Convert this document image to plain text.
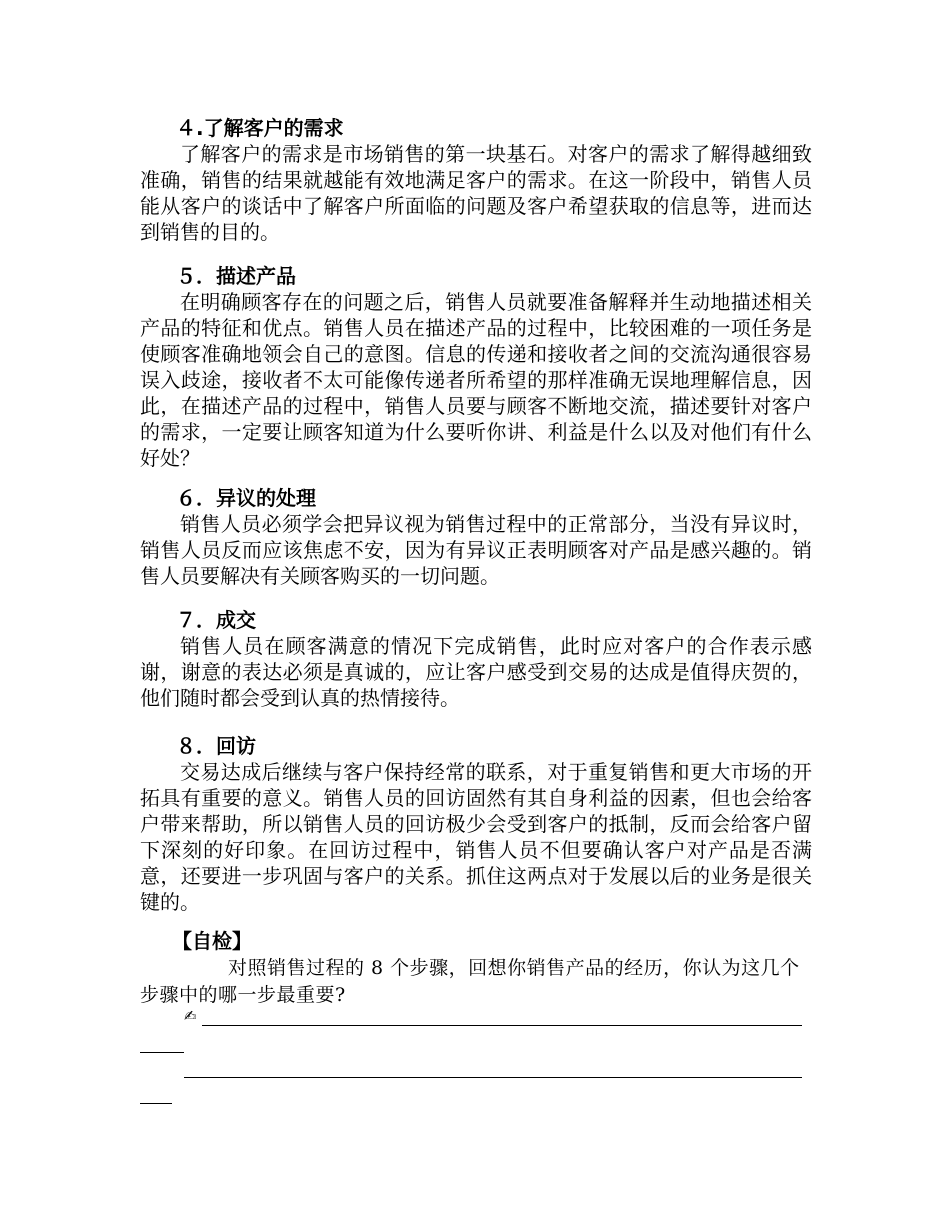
４.了解客户的需求

了解客户的需求是市场销售的第一块基石。对客户的需求了解得越细致准确，销售的结果就越能有效地满足客户的需求。在这一阶段中，销售人员能从客户的谈话中了解客户所面临的问题及客户希望获取的信息等，进而达到销售的目的。

５．描述产品

在明确顾客存在的问题之后，销售人员就要准备解释并生动地描述相关产品的特征和优点。销售人员在描述产品的过程中，比较困难的一项任务是使顾客准确地领会自己的意图。信息的传递和接收者之间的交流沟通很容易误入歧途，接收者不太可能像传递者所希望的那样准确无误地理解信息，因此，在描述产品的过程中，销售人员要与顾客不断地交流，描述要针对客户的需求，一定要让顾客知道为什么要听你讲、利益是什么以及对他们有什么好处？

６．异议的处理

销售人员必须学会把异议视为销售过程中的正常部分，当没有异议时，销售人员反而应该焦虑不安，因为有异议正表明顾客对产品是感兴趣的。销售人员要解决有关顾客购买的一切问题。

７．成交

销售人员在顾客满意的情况下完成销售，此时应对客户的合作表示感谢，谢意的表达必须是真诚的，应让客户感受到交易的达成是值得庆贺的，他们随时都会受到认真的热情接待。

８．回访

交易达成后继续与客户保持经常的联系，对于重复销售和更大市场的开拓具有重要的意义。销售人员的回访固然有其自身利益的因素，但也会给客户带来帮助，所以销售人员的回访极少会受到客户的抵制，反而会给客户留下深刻的好印象。在回访过程中，销售人员不但要确认客户对产品是否满意，还要进一步巩固与客户的关系。抓住这两点对于发展以后的业务是很关键的。

【自检】

对照销售过程的 8 个步骤，回想你销售产品的经历，你认为这几个步骤中的哪一步最重要?

✍
